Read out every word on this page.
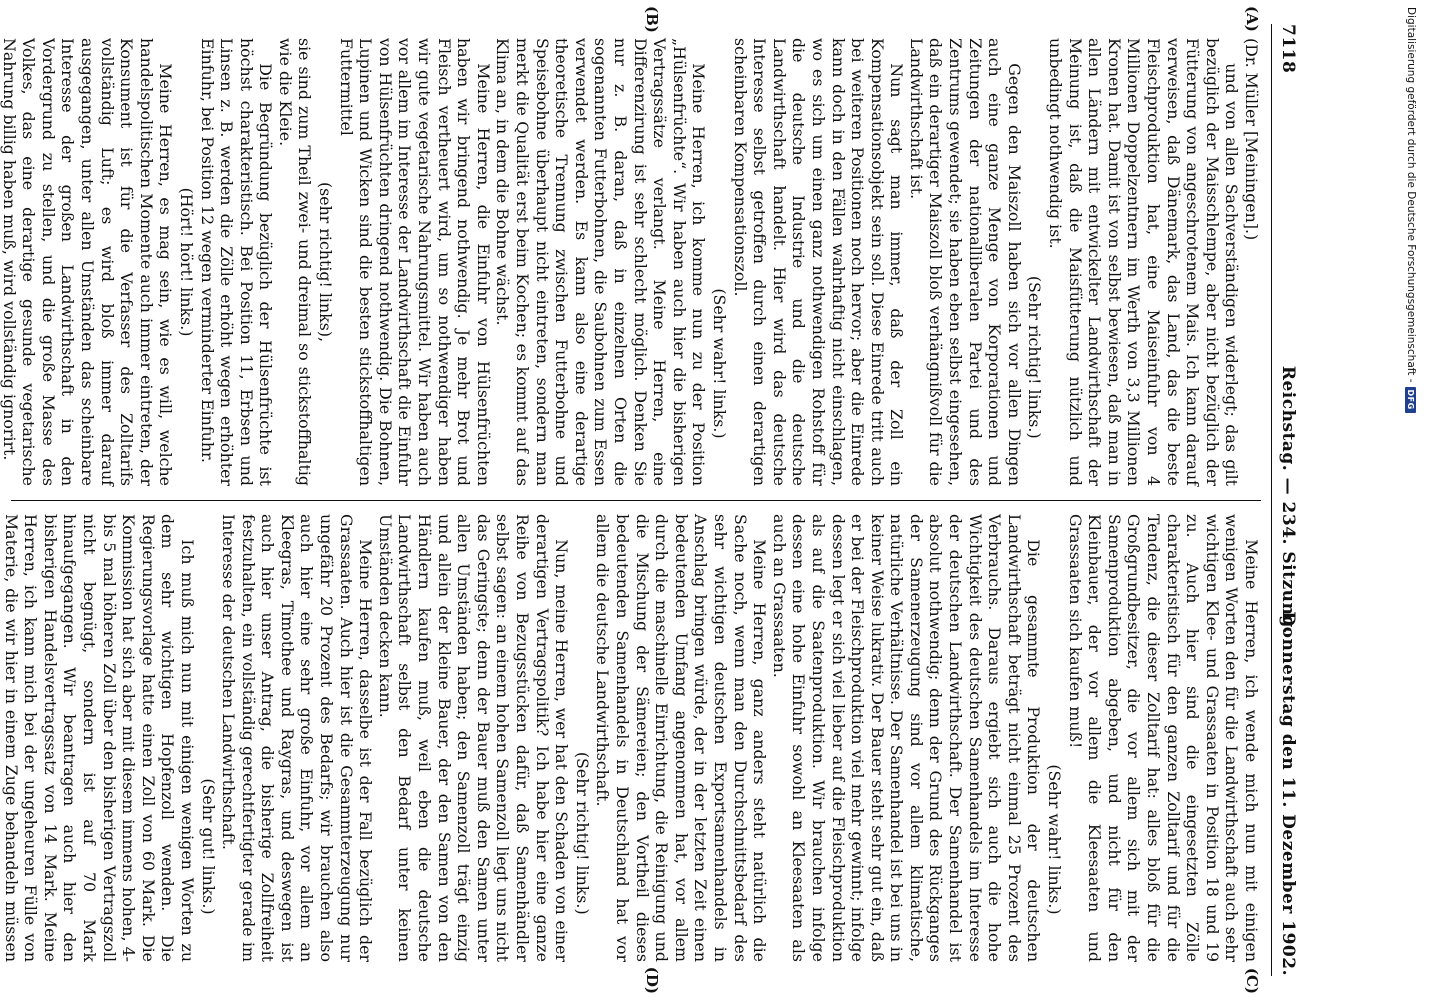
7118
Reichstag. — 234. Sitzung.
Donnerstag den 11. Dezember 1902.
(A)
(B)
(C)
(D)

(Dr. Müller [Meiningen].)

und von allen Sachverständigen widerlegt; das gilt bezüglich der Maisschlempe, aber nicht bezüglich der Fütterung von angeschrotenem Mais. Ich kann darauf verweisen, daß Dänemark, das Land, das die beste Fleischproduktion hat, eine Maiseinfuhr von 4 Millionen Doppelzentnern im Werth von 3,3 Millionen Kronen hat. Damit ist von selbst bewiesen, daß man in allen Ländern mit entwickelter Landwirthschaft der Meinung ist, daß die Maisfütterung nützlich und unbedingt nothwendig ist.

(Sehr richtig! links.)

Gegen den Maiszoll haben sich vor allen Dingen auch eine ganze Menge von Korporationen und Zeitungen der nationalliberalen Partei und des Zentrums gewendet; sie haben eben selbst eingesehen, daß ein derartiger Maiszoll bloß verhängnißvoll für die Landwirthschaft ist.

Nun sagt man immer, daß der Zoll ein Kompensationsobjekt sein soll. Diese Einrede tritt auch bei weiteren Positionen noch hervor; aber die Einrede kann doch in den Fällen wahrhaftig nicht einschlagen, wo es sich um einen ganz nothwendigen Rohstoff für die deutsche Industrie und die deutsche Landwirthschaft handelt. Hier wird das deutsche Interesse selbst getroffen durch einen derartigen scheinbaren Kompensationszoll.

(Sehr wahr! links.)

Meine Herren, ich komme nun zu der Position „Hülsenfrüchte“. Wir haben auch hier die bisherigen Vertragssätze verlangt. Meine Herren, eine Differenzirung ist sehr schlecht möglich. Denken Sie nur z. B. daran, daß in einzelnen Orten die sogenannten Futterbohnen, die Saubohnen zum Essen verwendet werden. Es kann also eine derartige theoretische Trennung zwischen Futterbohne und Speisebohne überhaupt nicht eintreten, sondern man merkt die Qualität erst beim Kochen; es kommt auf das Klima an, in dem die Bohne wächst.

Meine Herren, die Einfuhr von Hülsenfrüchten haben wir bringend nothwendig. Je mehr Brot und Fleisch vertheuert wird, um so nothwendiger haben wir gute vegetarische Nahrungsmittel. Wir haben auch vor allem im Interesse der Landwirthschaft die Einfuhr von Hülsenfrüchten dringend nothwendig. Die Bohnen, Lupinen und Wicken sind die besten stickstoffhaltigen Futtermittel

(sehr richtig! links),

sie sind zum Theil zwei- und dreimal so stickstoffhaltig wie die Kleie.

Die Begründung bezüglich der Hülsenfrüchte ist höchst charakteristisch. Bei Position 11, Erbsen und Linsen z. B. werden die Zölle erhöht wegen erhöhter Einfuhr, bei Position 12 wegen verminderter Einfuhr.

(Hört! hört! links.)

Meine Herren, es mag sein, wie es will, welche handelspolitischen Momente auch immer eintreten, der Konsument ist für die Verfasser des Zolltarifs vollständig Luft; es wird bloß immer darauf ausgegangen, unter allen Umständen das scheinbare Interesse der großen Landwirthschaft in den Vordergrund zu stellen, und die große Masse des Volkes, das eine derartige gesunde vegetarische Nahrung billig haben muß, wird vollständig ignorirt.

Meine Herren, ich wende mich nun mit einigen wenigen Worten den für die Landwirthschaft auch sehr wichtigen Klee- und Grassaaten in Position 18 und 19 zu. Auch hier sind die eingesetzten Zölle charakteristisch für den ganzen Zolltarif und für die Tendenz, die dieser Zolltarif hat: alles bloß für die Großgrundbesitzer, die vor allem sich mit der Samenproduktion abgeben, und nicht für den Kleinbauer, der vor allem die Kleesaaten und Grassaaten sich kaufen muß!

(Sehr wahr! links.)

Die gesammte Produktion der deutschen Landwirthschaft beträgt nicht einmal 25 Prozent des Verbrauchs. Daraus ergiebt sich auch die hohe Wichtigkeit des deutschen Samenhandels im Interesse der deutschen Landwirthschaft. Der Samenhandel ist absolut nothwendig; denn der Grund des Rückganges der Samenerzeugung sind vor allem klimatische, natürliche Verhältnisse. Der Samenhandel ist bei uns in keiner Weise lukrativ. Der Bauer steht sehr gut ein, daß er bei der Fleischproduktion viel mehr gewinnt; infolge dessen legt er sich viel lieber auf die Fleischproduktion als auf die Saatenproduktion. Wir brauchen infolge dessen eine hohe Einfuhr sowohl an Kleesaaten als auch an Grassaaten.

Meine Herren, ganz anders steht natürlich die Sache noch, wenn man den Durchschnittsbedarf des sehr wichtigen deutschen Exportsamenhandels in Anschlag bringen würde, der in der letzten Zeit einen bedeutenden Umfang angenommen hat, vor allem durch die maschinelle Einrichtung, die Reinigung und die Mischung der Sämereien; den Vortheil dieses bedeutenden Samenhandels in Deutschland hat vor allem die deutsche Landwirthschaft.

(Sehr richtig! links.)

Nun, meine Herren, wer hat den Schaden von einer derartigen Vertragspolitik? Ich habe hier eine ganze Reihe von Bezugsstücken dafür, daß Samenhändler selbst sagen: an einem hohen Samenzoll liegt uns nicht das Geringste; denn der Bauer muß den Samen unter allen Umständen haben; den Samenzoll trägt einzig und allein der kleine Bauer, der den Samen von den Händlern kaufen muß, weil eben die deutsche Landwirthschaft selbst den Bedarf unter keinen Umständen decken kann.

Meine Herren, dasselbe ist der Fall bezüglich der Grassaaten. Auch hier ist die Gesammterzeugung nur ungefähr 20 Prozent des Bedarfs; wir brauchen also auch hier eine sehr große Einfuhr, vor allem an Kleegras, Timothee und Raygras, und deswegen ist auch hier unser Antrag, die bisherige Zollfreiheit festzuhalten, ein vollständig gerechtfertigter gerade im Interesse der deutschen Landwirthschaft.

(Sehr gut! links.)

Ich muß mich nun mit einigen wenigen Worten zu dem sehr wichtigen Hopfenzoll wenden. Die Regierungsvorlage hatte einen Zoll von 60 Mark. Die Kommission hat sich aber mit diesem immens hohen, 4- bis 5 mal höheren Zoll über den bisherigen Vertragszoll nicht begnügt, sondern ist auf 70 Mark hinaufgegangen. Wir beantragen auch hier den bisherigen Handelsvertragssatz von 14 Mark. Meine Herren, ich kann mich bei der ungeheuren Fülle von Materie, die wir hier in einem Zuge behandeln müssen

Digitalisierung gefördert durch die Deutsche Forschungsgemeinschaft -
DFG
